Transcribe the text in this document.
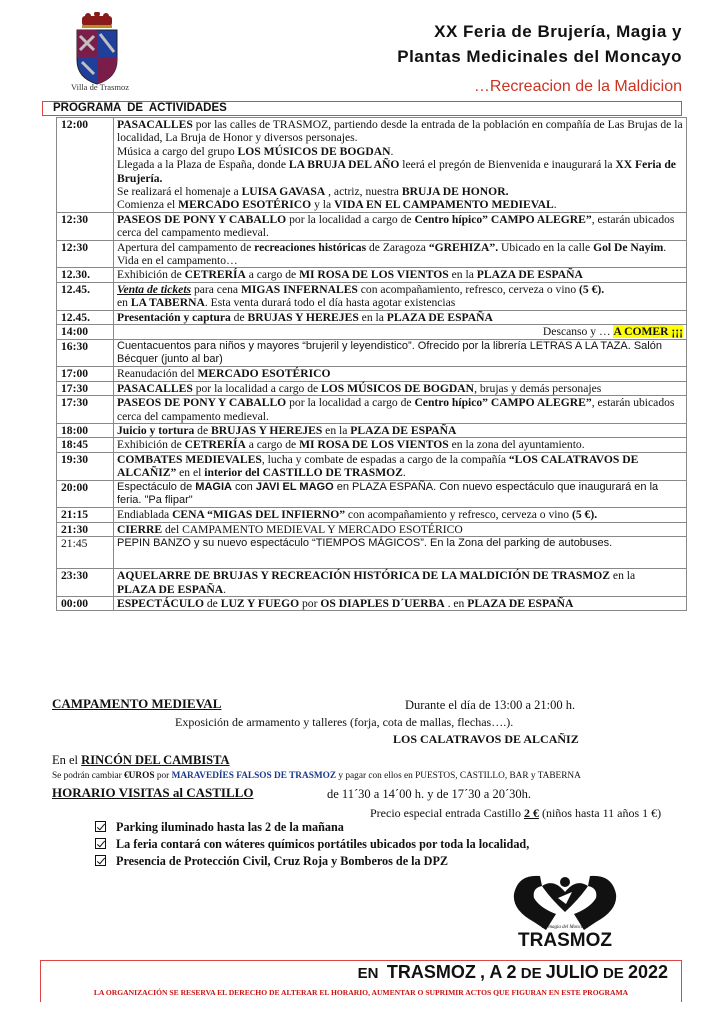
Villa de Trasmoz
XX Feria de Brujería, Magia y
Plantas Medicinales del Moncayo
…Recreacion de la Maldicion
PROGRAMA DE ACTIVIDADES
12:00	PASACALLES por las calles de TRASMOZ, partiendo desde la entrada de la población en compañía de Las Brujas de la localidad, La Bruja de Honor y diversos personajes.
Música a cargo del grupo LOS MÚSICOS DE BOGDAN.
Llegada a la Plaza de España, donde LA BRUJA DEL AÑO leerá el pregón de Bienvenida e inaugurará la XX Feria de Brujería.
Se realizará el homenaje a LUISA GAVASA , actriz, nuestra BRUJA DE HONOR.
Comienza el MERCADO ESOTÉRICO y la VIDA EN EL CAMPAMENTO MEDIEVAL.
12:30	PASEOS DE PONY Y CABALLO por la localidad a cargo de Centro hípico” CAMPO ALEGRE”, estarán ubicados cerca del campamento medieval.
12:30	Apertura del campamento de recreaciones históricas de Zaragoza “GREHIZA”. Ubicado en la calle Gol De Nayim. Vida en el campamento…
12.30.	Exhibición de CETRERÍA a cargo de MI ROSA DE LOS VIENTOS en la PLAZA DE ESPAÑA
12.45.	Venta de tickets para cena MIGAS INFERNALES con acompañamiento, refresco, cerveza o vino (5 €).
en LA TABERNA. Esta venta durará todo el día hasta agotar existencias
12.45.	Presentación y captura de BRUJAS Y HEREJES en la PLAZA DE ESPAÑA
14:00	Descanso y … A COMER ¡¡¡
16:30	Cuentacuentos para niños y mayores “brujeril y leyendistico”. Ofrecido por la librería LETRAS A LA TAZA. Salón Bécquer (junto al bar)
17:00	Reanudación del MERCADO ESOTÉRICO
17:30	PASACALLES por la localidad a cargo de LOS MÚSICOS DE BOGDAN, brujas y demás personajes
17:30	PASEOS DE PONY Y CABALLO por la localidad a cargo de Centro hípico” CAMPO ALEGRE”, estarán ubicados cerca del campamento medieval.
18:00	Juicio y tortura de BRUJAS Y HEREJES en la PLAZA DE ESPAÑA
18:45	Exhibición de CETRERÍA a cargo de MI ROSA DE LOS VIENTOS en la zona del ayuntamiento.
19:30	COMBATES MEDIEVALES, lucha y combate de espadas a cargo de la compañía “LOS CALATRAVOS DE ALCAÑIZ” en el interior del CASTILLO DE TRASMOZ.
20:00	Espectáculo de MAGIA con JAVI EL MAGO en PLAZA ESPAÑA. Con nuevo espectáculo que inaugurará en la feria. "Pa flipar"
21:15	Endiablada CENA “MIGAS DEL INFIERNO” con acompañamiento y refresco, cerveza o vino (5 €).
21:30	CIERRE del CAMPAMENTO MEDIEVAL Y MERCADO ESOTÉRICO
21:45	PEPIN BANZO y su nuevo espectáculo “TIEMPOS MÁGICOS”. En la Zona del parking de autobuses.
23:30	AQUELARRE DE BRUJAS Y RECREACIÓN HISTÓRICA DE LA MALDICIÓN DE TRASMOZ en la
PLAZA DE ESPAÑA.
00:00	ESPECTÁCULO de LUZ Y FUEGO por OS DIAPLES D´UERBA . en PLAZA DE ESPAÑA
CAMPAMENTO MEDIEVAL	Durante el día de 13:00 a 21:00 h.
Exposición de armamento y talleres (forja, cota de mallas, flechas….).
LOS CALATRAVOS DE ALCAÑIZ
En el RINCÓN DEL CAMBISTA
Se podrán cambiar €UROS por MARAVEDÍES FALSOS DE TRASMOZ y pagar con ellos en PUESTOS, CASTILLO, BAR y TABERNA
HORARIO VISITAS al CASTILLO	de 11´30 a 14´00 h. y de 17´30 a 20´30h.
Precio especial entrada Castillo 2 € (niños hasta 11 años 1 €)
Parking iluminado hasta las 2 de la mañana
La feria contará con wáteres químicos portátiles ubicados por toda la localidad,
Presencia de Protección Civil, Cruz Roja y Bomberos de la DPZ
La magia del Moncayo
TRASMOZ
EN TRASMOZ , A 2 DE JULIO DE 2022
LA ORGANIZACIÓN SE RESERVA EL DERECHO DE ALTERAR EL HORARIO, AUMENTAR O SUPRIMIR ACTOS QUE FIGURAN EN ESTE PROGRAMA
